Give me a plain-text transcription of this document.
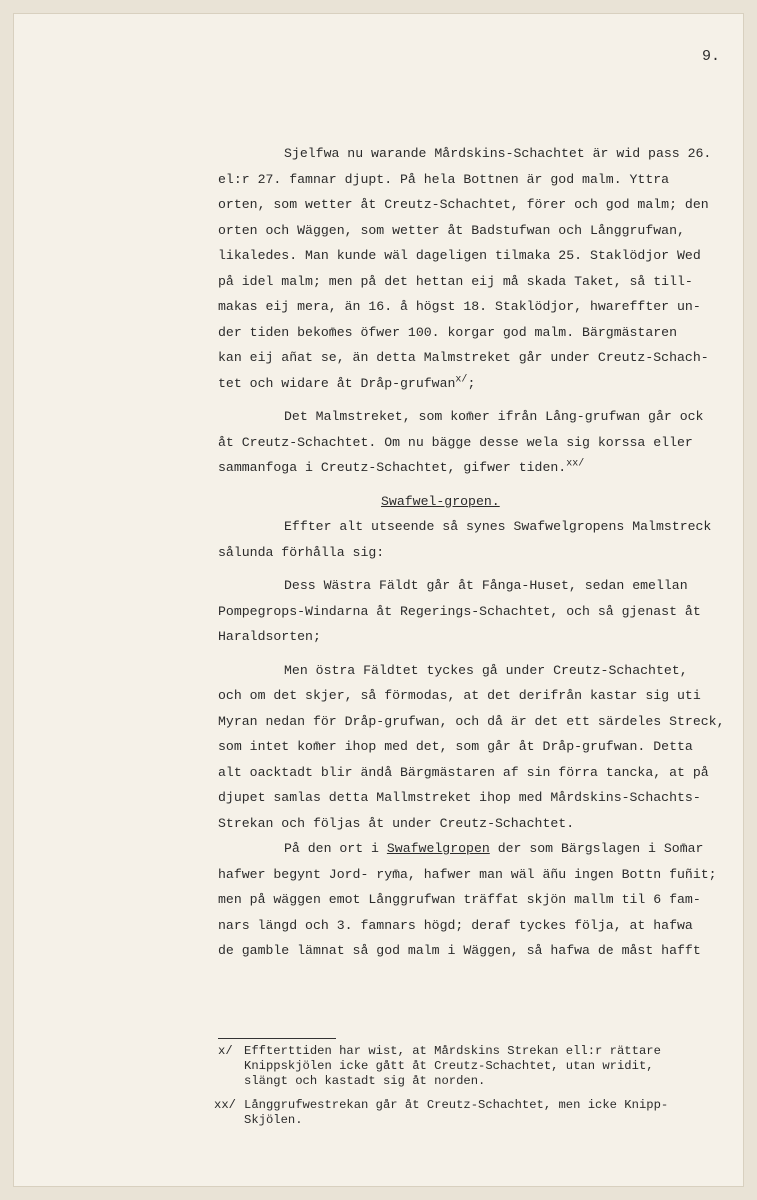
9.
Sjelfwa nu warande Mårdskins-Schachtet är wid pass 26.
el:r 27. famnar djupt. På hela Bottnen är god malm. Yttra
orten, som wetter åt Creutz-Schachtet, förer och god malm; den
orten och Wäggen, som wetter åt Badstufwan och Långgrufwan,
likaledes. Man kunde wäl dageligen tilmaka 25. Staklödjor Wed
på idel malm; men på det hettan eij må skada Taket, så till-
makas eij mera, än 16. å högst 18. Staklödjor, hwareffter un-
der tiden bekom̄es öfwer 100. korgar god malm. Bärgmästaren
kan eij añat se, än detta Malmstreket går under Creutz-Schach-
tet och widare åt Dråp-grufwan$^{x/}$;
Det Malmstreket, som kom̄er ifrån Lång-grufwan går ock
åt Creutz-Schachtet. Om nu bägge desse wela sig korssa eller
sammanfoga i Creutz-Schachtet, gifwer tiden.$^{xx/}$
Swafwel-gropen.
Effter alt utseende så synes Swafwelgropens Malmstreck
sålunda förhålla sig:
Dess Wästra Fäldt går åt Fånga-Huset, sedan emellan
Pompegrops-Windarna åt Regerings-Schachtet, och så gjenast åt
Haraldsorten;
Men östra Fäldtet tyckes gå under Creutz-Schachtet,
och om det skjer, så förmodas, at det derifrån kastar sig uti
Myran nedan för Dråp-grufwan, och då är det ett särdeles Streck,
som intet kom̄er ihop med det, som går åt Dråp-grufwan. Detta
alt oacktadt blir ändå Bärgmästaren af sin förra tancka, at på
djupet samlas detta Mallmstreket ihop med Mårdskins-Schachts-
Strekan och följas åt under Creutz-Schachtet.
På den ort i Swafwelgropen der som Bärgslagen i Som̄ar
hafwer begynt Jord- rym̄a, hafwer man wäl äñu ingen Bottn fuñit;
men på wäggen emot Långgrufwan träffat skjön mallm til 6 fam-
nars längd och 3. famnars högd; deraf tyckes följa, at hafwa
de gamble lämnat så god malm i Wäggen, så hafwa de måst hafft
x/ Effterttiden har wist, at Mårdskins Strekan ell:r rättare
Knippskjölen icke gått åt Creutz-Schachtet, utan wridit,
slängt och kastadt sig åt norden.
xx/ Långgrufwestrekan går åt Creutz-Schachtet, men icke Knipp-
Skjölen.
